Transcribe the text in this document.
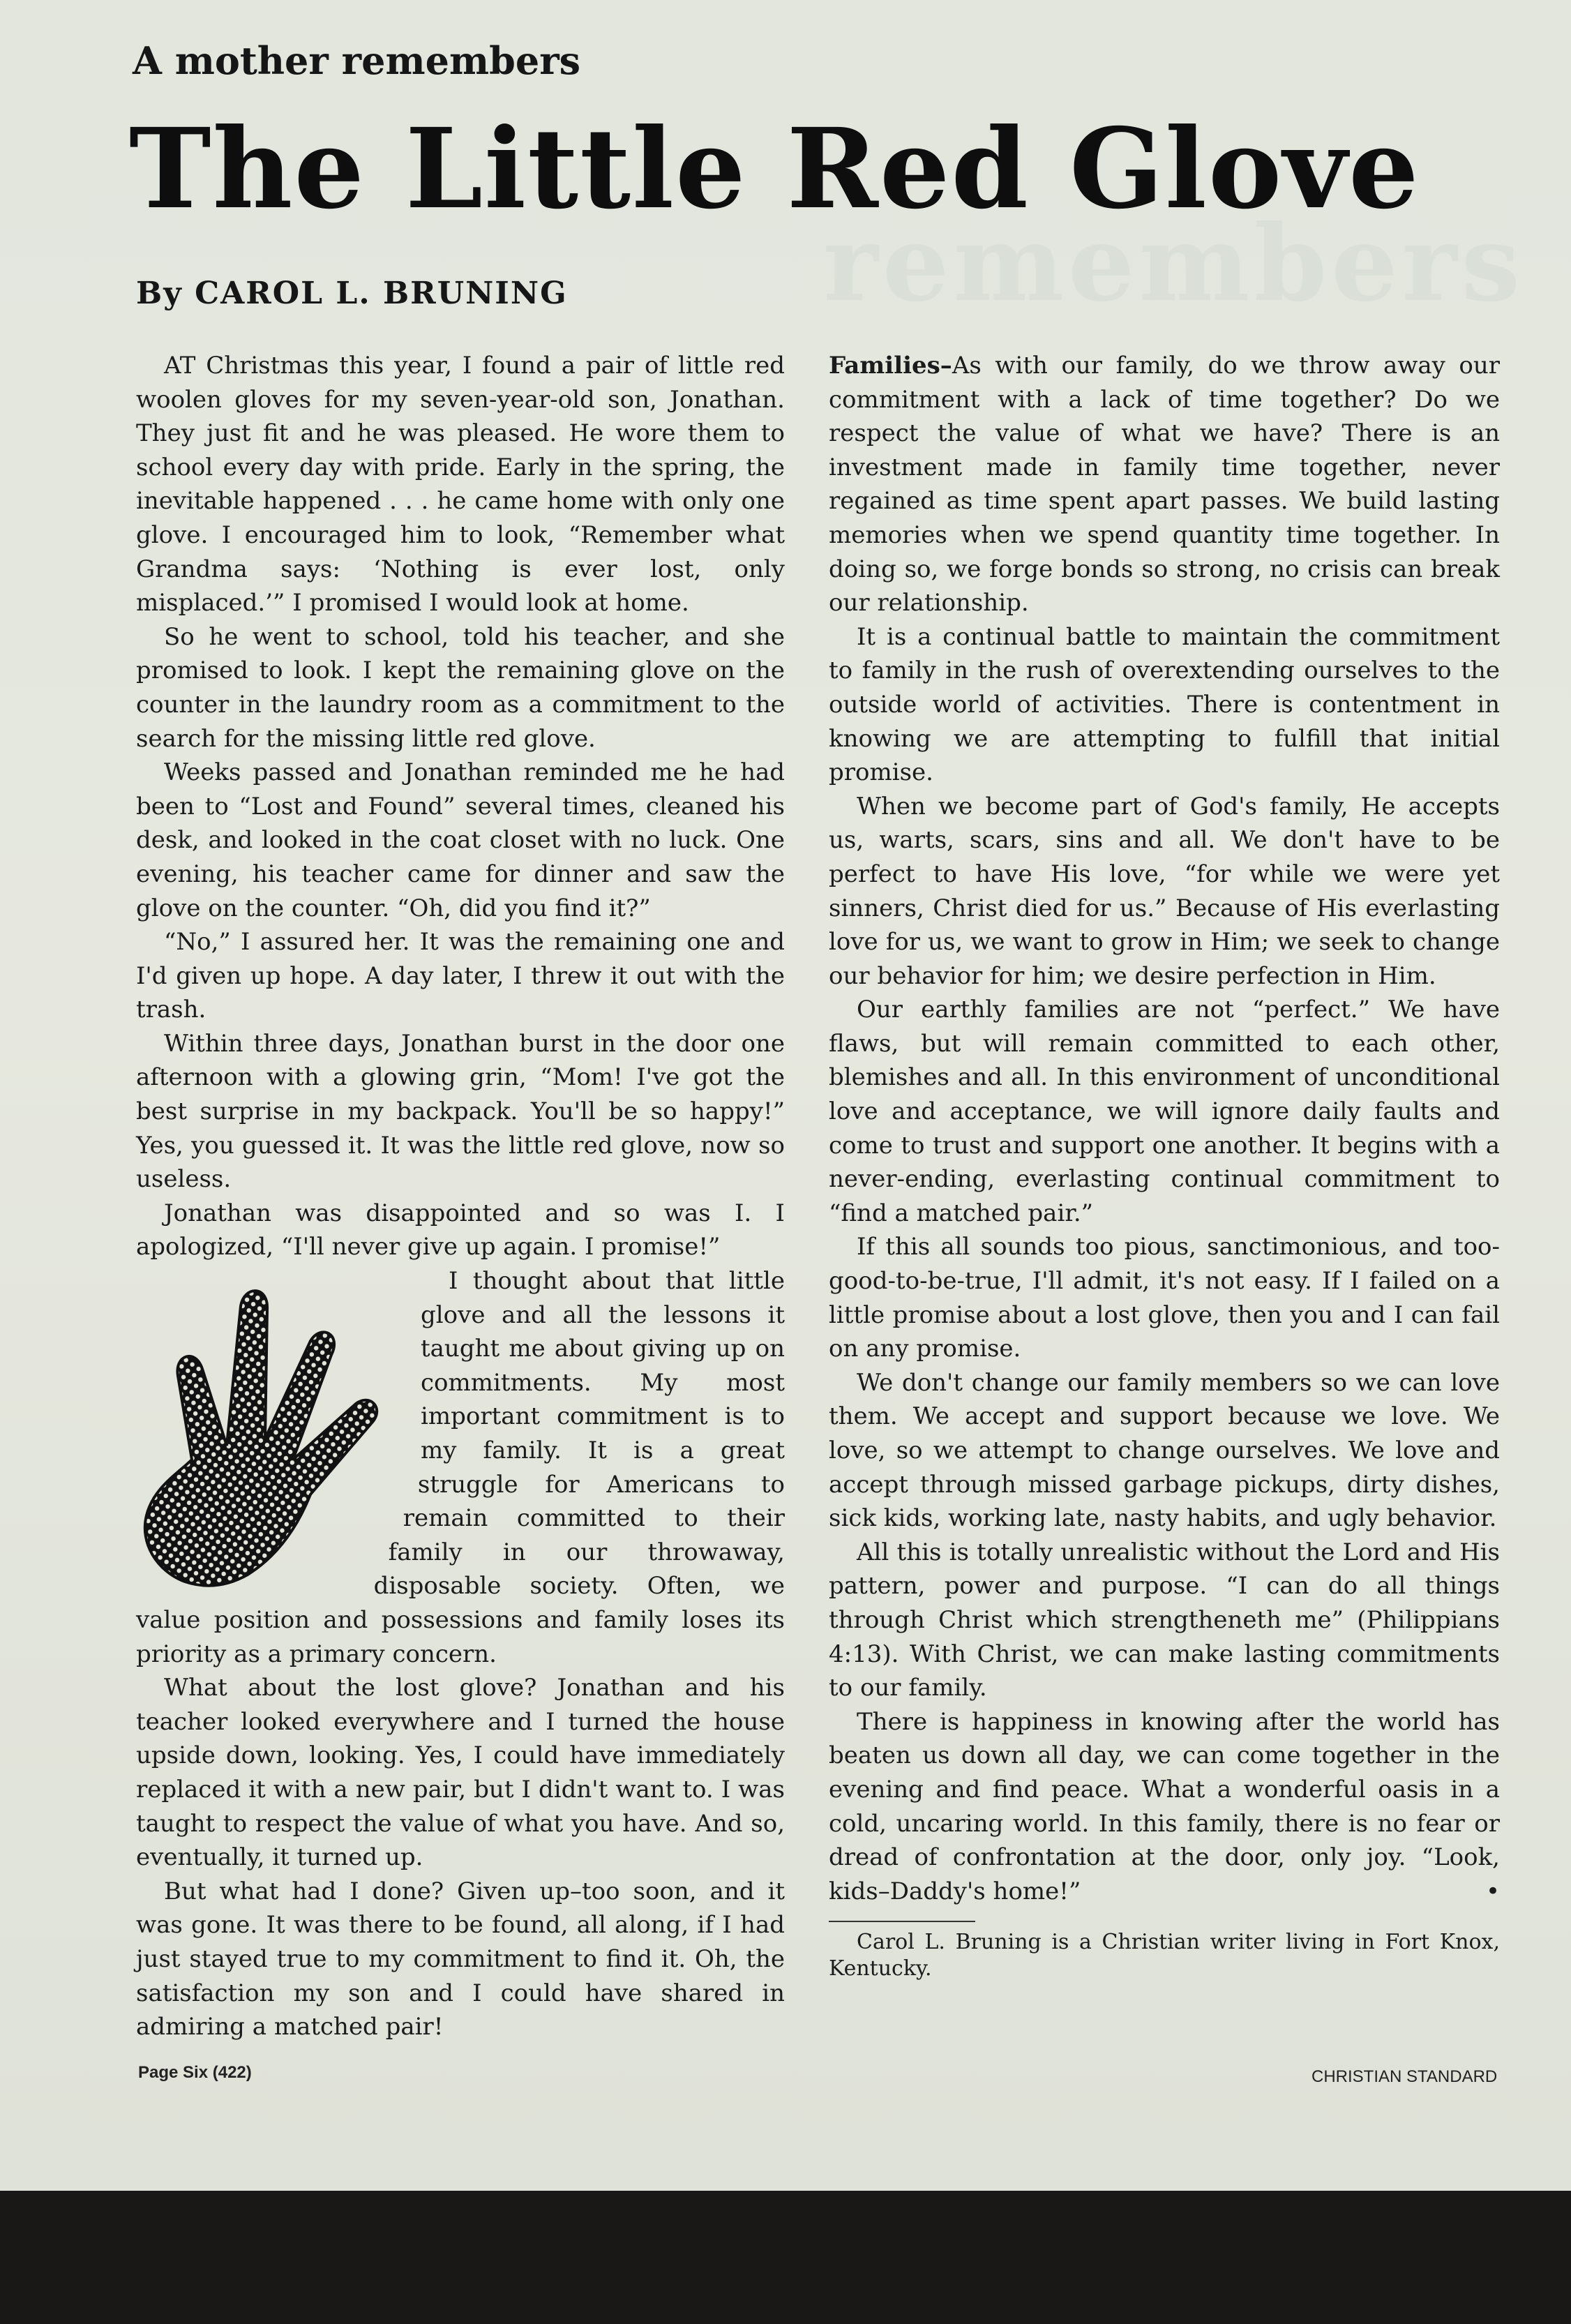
remembers
A mother remembers
The Little Red Glove
By CAROL L. BRUNING

AT Christmas this year, I found a pair of little red woolen gloves for my seven-year-old son, Jonathan. They just fit and he was pleased. He wore them to school every day with pride. Early in the spring, the inevitable happened . . . he came home with only one glove. I encouraged him to look, “Remember what Grandma says: ‘Nothing is ever lost, only misplaced.’” I promised I would look at home.

So he went to school, told his teacher, and she promised to look. I kept the remaining glove on the counter in the laundry room as a commitment to the search for the missing little red glove.

Weeks passed and Jonathan reminded me he had been to “Lost and Found” several times, cleaned his desk, and looked in the coat closet with no luck. One evening, his teacher came for dinner and saw the glove on the counter. “Oh, did you find it?”

“No,” I assured her. It was the remaining one and I'd given up hope. A day later, I threw it out with the trash.

Within three days, Jonathan burst in the door one afternoon with a glowing grin, “Mom! I've got the best surprise in my backpack. You'll be so happy!” Yes, you guessed it. It was the little red glove, now so useless.

Jonathan was disappointed and so was I. I apologized, “I'll never give up again. I promise!”

I thought about that little glove and all the lessons it taught me about giving up on commitments. My most important commitment is to my family. It is a great struggle for Americans to remain committed to their family in our throwaway, disposable society. Often, we value position and possessions and family loses its priority as a primary concern.

What about the lost glove? Jonathan and his teacher looked everywhere and I turned the house upside down, looking. Yes, I could have immediately replaced it with a new pair, but I didn't want to. I was taught to respect the value of what you have. And so, eventually, it turned up.

But what had I done? Given up–too soon, and it was gone. It was there to be found, all along, if I had just stayed true to my commitment to find it. Oh, the satisfaction my son and I could have shared in admiring a matched pair!

Families–As with our family, do we throw away our commitment with a lack of time together? Do we respect the value of what we have? There is an investment made in family time together, never regained as time spent apart passes. We build lasting memories when we spend quantity time together. In doing so, we forge bonds so strong, no crisis can break our relationship.

It is a continual battle to maintain the commitment to family in the rush of overextending ourselves to the outside world of activities. There is contentment in knowing we are attempting to fulfill that initial promise.

When we become part of God's family, He accepts us, warts, scars, sins and all. We don't have to be perfect to have His love, “for while we were yet sinners, Christ died for us.” Because of His everlasting love for us, we want to grow in Him; we seek to change our behavior for him; we desire perfection in Him.

Our earthly families are not “perfect.” We have flaws, but will remain committed to each other, blemishes and all. In this environment of unconditional love and acceptance, we will ignore daily faults and come to trust and support one another. It begins with a never-ending, everlasting continual commitment to “find a matched pair.”

If this all sounds too pious, sanctimonious, and too-good-to-be-true, I'll admit, it's not easy. If I failed on a little promise about a lost glove, then you and I can fail on any promise.

We don't change our family members so we can love them. We accept and support because we love. We love, so we attempt to change ourselves. We love and accept through missed garbage pickups, dirty dishes, sick kids, working late, nasty habits, and ugly behavior.

All this is totally unrealistic without the Lord and His pattern, power and purpose. “I can do all things through Christ which strengtheneth me” (Philippians 4:13). With Christ, we can make lasting commitments to our family.

There is happiness in knowing after the world has beaten us down all day, we can come together in the evening and find peace. What a wonderful oasis in a cold, uncaring world. In this family, there is no fear or dread of confrontation at the door, only joy. “Look, kids–Daddy's home!”	•

Carol L. Bruning is a Christian writer living in Fort Knox, Kentucky.

Page Six (422)	CHRISTIAN STANDARD
